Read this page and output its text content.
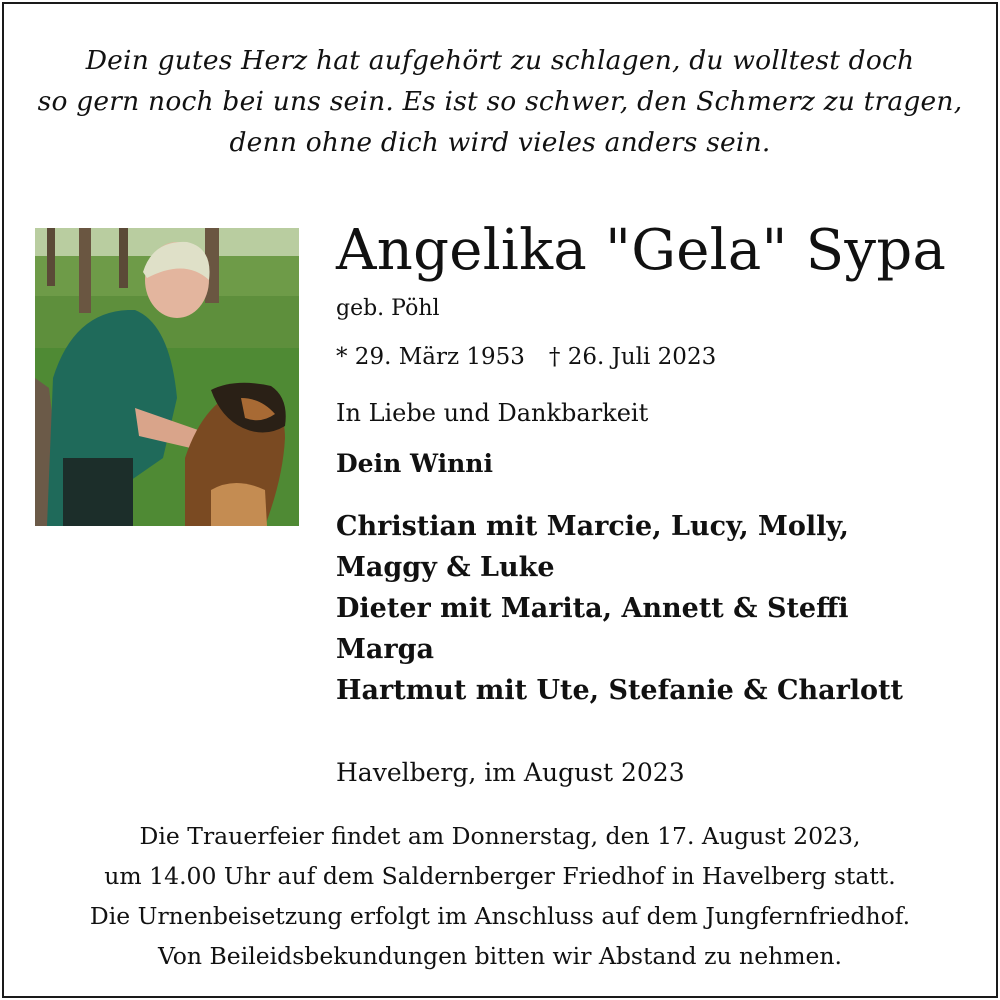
Dein gutes Herz hat aufgehört zu schlagen, du wolltest doch
so gern noch bei uns sein. Es ist so schwer, den Schmerz zu tragen,
denn ohne dich wird vieles anders sein.
Angelika "Gela" Sypa
geb. Pöhl
* 29. März 1953 † 26. Juli 2023
In Liebe und Dankbarkeit
Dein Winni
Christian mit Marcie, Lucy, Molly,
Maggy & Luke
Dieter mit Marita, Annett & Steffi
Marga
Hartmut mit Ute, Stefanie & Charlott
Havelberg, im August 2023
Die Trauerfeier findet am Donnerstag, den 17. August 2023,
um 14.00 Uhr auf dem Saldernberger Friedhof in Havelberg statt.
Die Urnenbeisetzung erfolgt im Anschluss auf dem Jungfernfriedhof.
Von Beileidsbekundungen bitten wir Abstand zu nehmen.
